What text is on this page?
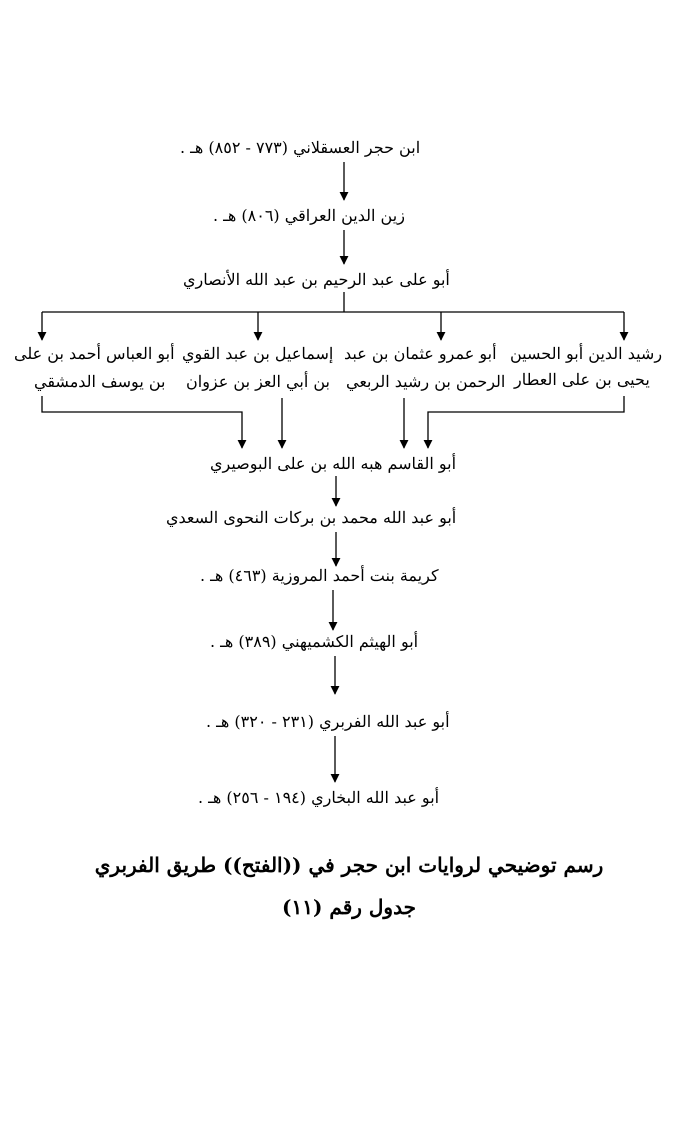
ابن حجر العسقلاني (٧٧٣ - ٨٥٢) هـ .
زين الدين العراقي (٨٠٦) هـ .
أبو على عبد الرحيم بن عبد الله الأنصاري
رشيد الدين أبو الحسين
يحيى بن على العطار
أبو عمرو عثمان بن عبد
الرحمن بن رشيد الربعي
إسماعيل بن عبد القوي
بن أبي العز بن عزوان
أبو العباس أحمد بن على
بن يوسف الدمشقي
أبو القاسم هبه الله بن على البوصيري
أبو عبد الله محمد بن بركات النحوى السعدي
كريمة بنت أحمد المروزية (٤٦٣) هـ .
أبو الهيثم الكشميهني (٣٨٩) هـ .
أبو عبد الله الفربري (٢٣١ - ٣٢٠) هـ .
أبو عبد الله البخاري (١٩٤ - ٢٥٦) هـ .
رسم توضيحي لروايات ابن حجر في ((الفتح)) طريق الفربري
جدول رقم (١١)
